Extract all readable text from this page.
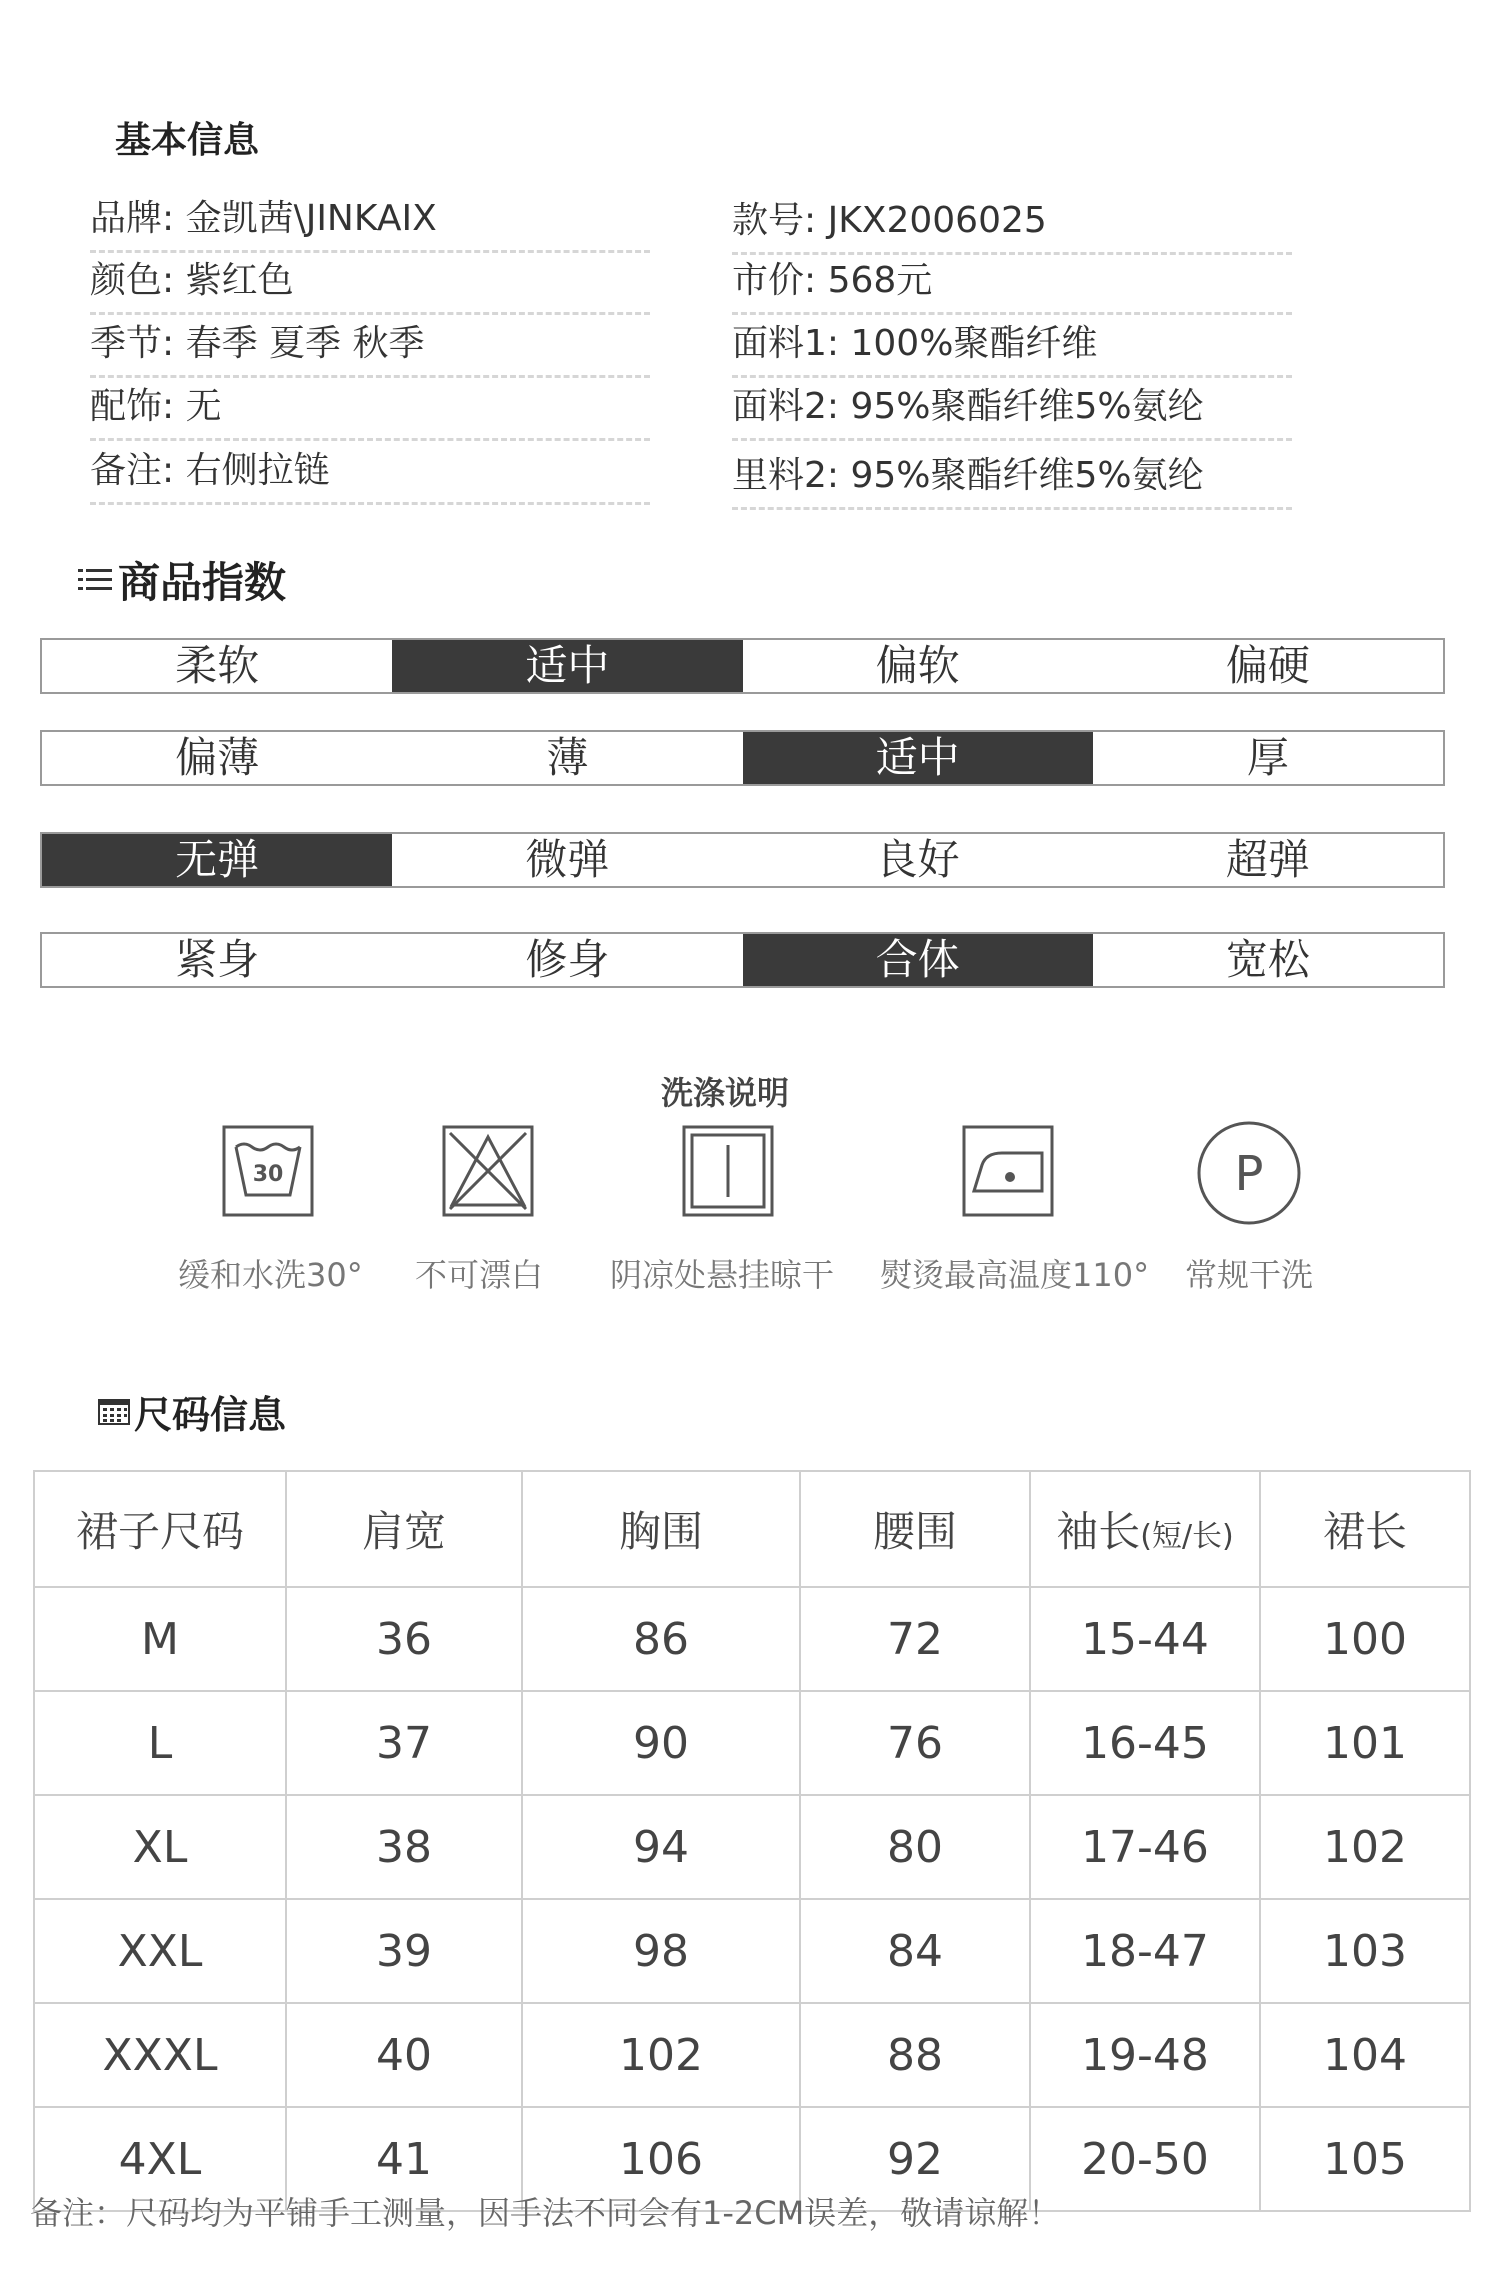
基本信息
品牌: 金凯茜\JINKAIX
颜色: 紫红色
季节: 春季 夏季 秋季
配饰: 无
备注: 右侧拉链
款号: JKX2006025
市价: 568元
面料1: 100%聚酯纤维
面料2: 95%聚酯纤维5%氨纶
里料2: 95%聚酯纤维5%氨纶
商品指数
柔软	适中	偏软	偏硬
偏薄	薄	适中	厚
无弹	微弹	良好	超弹
紧身	修身	合体	宽松
洗涤说明
30	P
缓和水洗30° 不可漂白 阴凉处悬挂晾干 熨烫最高温度110° 常规干洗
尺码信息
裙子尺码	肩宽	胸围	腰围	袖长(短/长)	裙长
M	36	86	72	15-44	100
L	37	90	76	16-45	101
XL	38	94	80	17-46	102
XXL	39	98	84	18-47	103
XXXL	40	102	88	19-48	104
4XL	41	106	92	20-50	105
备注：尺码均为平铺手工测量，因手法不同会有1-2CM误差，敬请谅解！
